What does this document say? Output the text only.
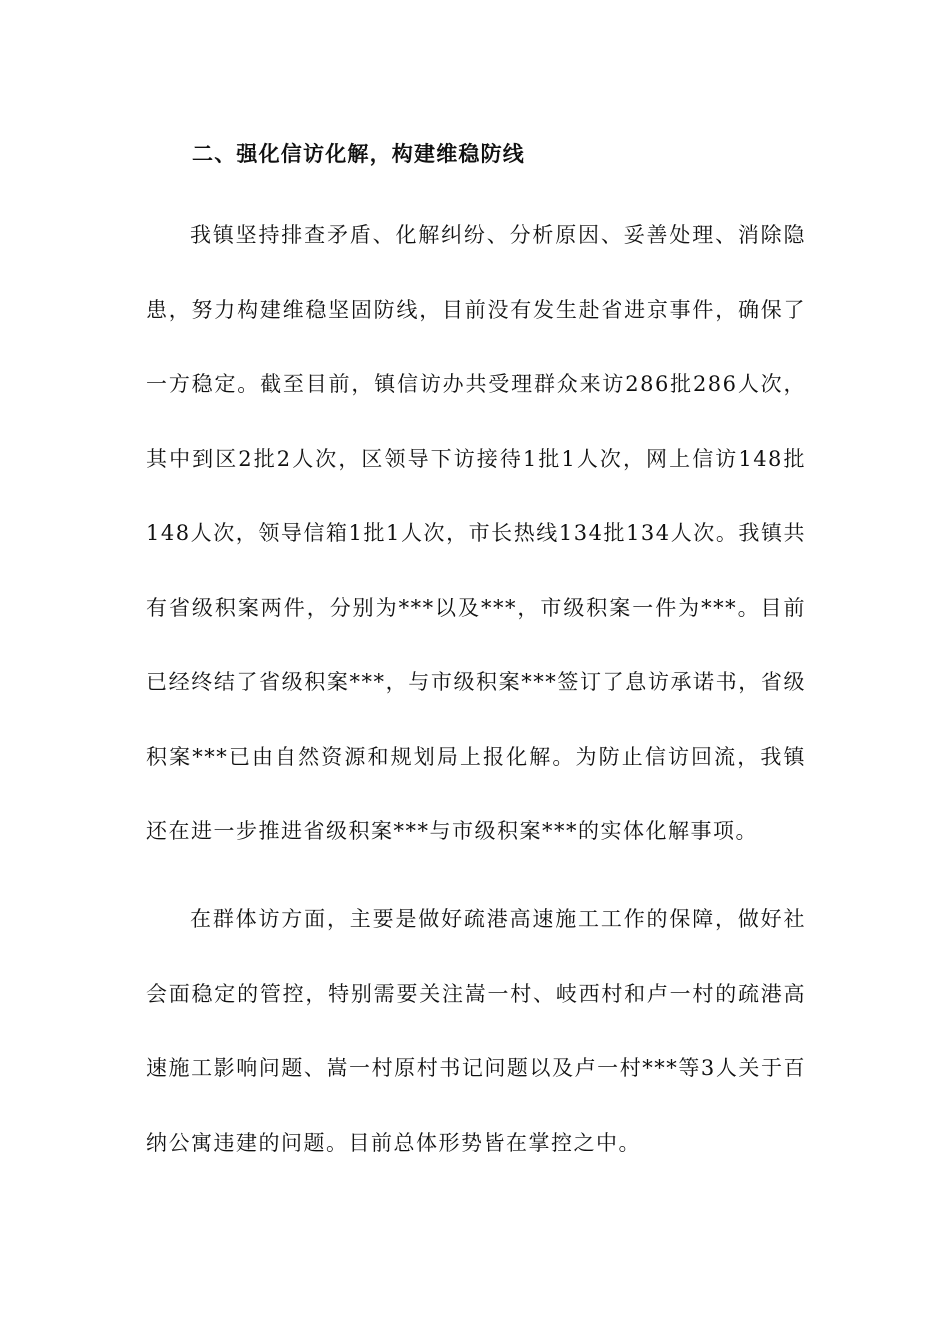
二、强化信访化解，构建维稳防线

我镇坚持排查矛盾、化解纠纷、分析原因、妥善处理、消除隐患，努力构建维稳坚固防线，目前没有发生赴省进京事件，确保了一方稳定。截至目前，镇信访办共受理群众来访286批286人次，其中到区2批2人次，区领导下访接待1批1人次，网上信访148批148人次，领导信箱1批1人次，市长热线134批134人次。我镇共有省级积案两件，分别为***以及***，市级积案一件为***。目前已经终结了省级积案***，与市级积案***签订了息访承诺书，省级积案***已由自然资源和规划局上报化解。为防止信访回流，我镇还在进一步推进省级积案***与市级积案***的实体化解事项。

在群体访方面，主要是做好疏港高速施工工作的保障，做好社会面稳定的管控，特别需要关注嵩一村、岐西村和卢一村的疏港高速施工影响问题、嵩一村原村书记问题以及卢一村***等3人关于百纳公寓违建的问题。目前总体形势皆在掌控之中。
